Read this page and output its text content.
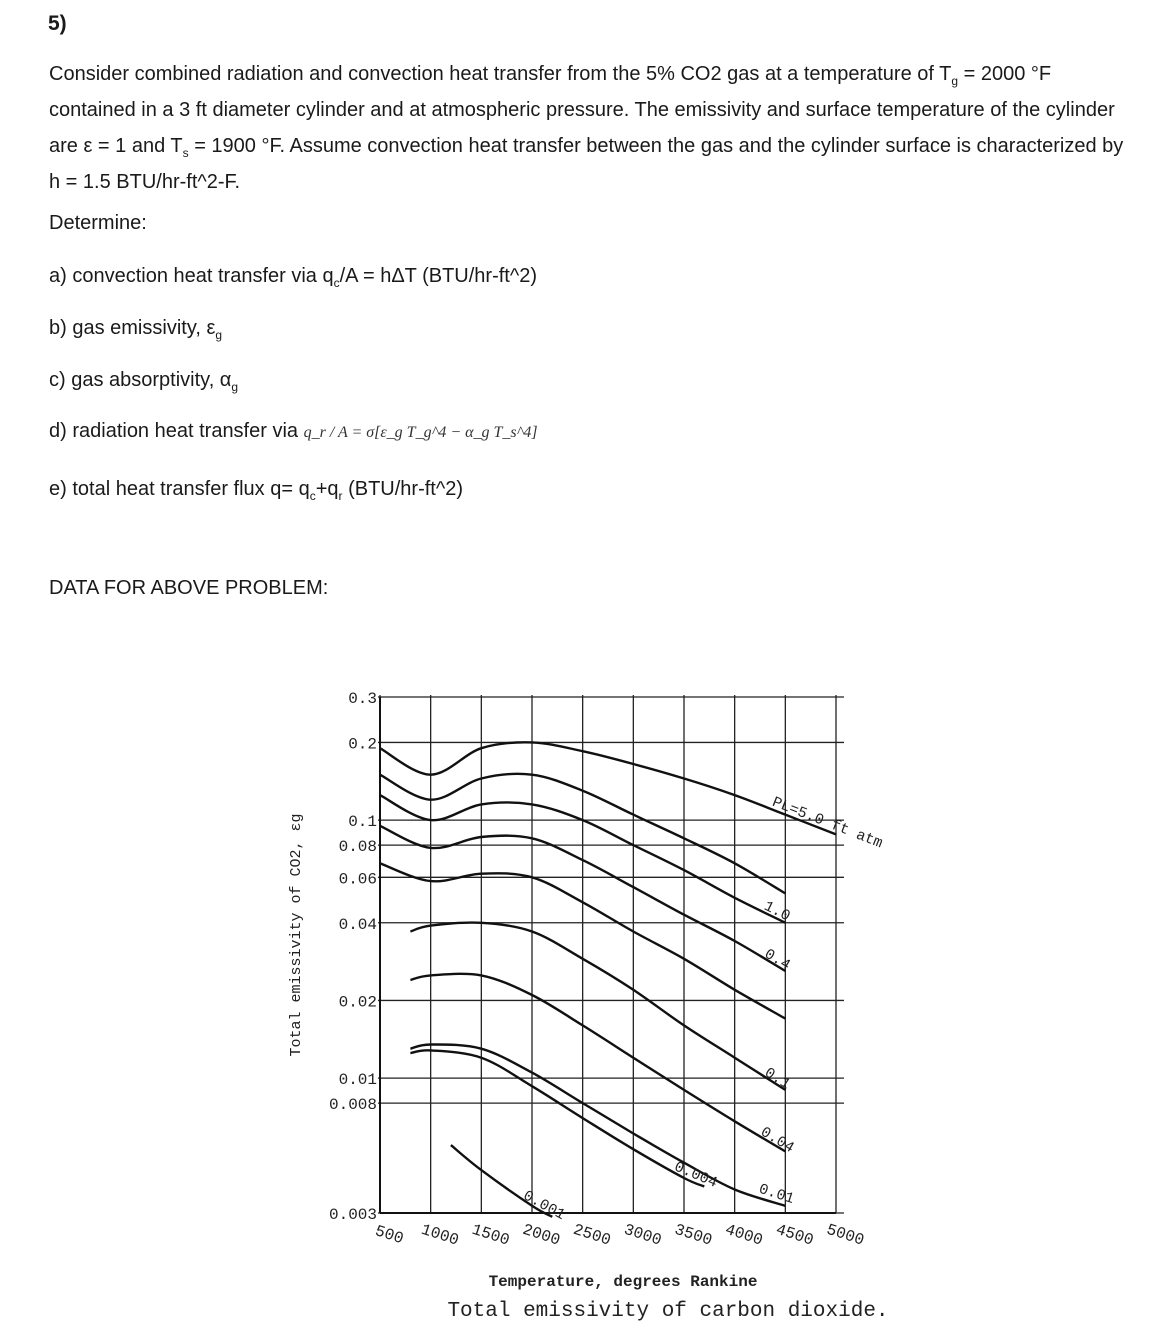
5)

Consider combined radiation and convection heat transfer from the 5% CO2 gas at a temperature of $T_g = 2000$ °F contained in a 3 ft diameter cylinder and at atmospheric pressure. The emissivity and surface temperature of the cylinder are ε = 1 and $T_s = 1900$ °F. Assume convection heat transfer between the gas and the cylinder surface is characterized by h = 1.5 BTU/hr-ft^2-F.

Determine:
a) convection heat transfer via $q_c/A = h\Delta T$ (BTU/hr-ft^2)
b) gas emissivity, $\varepsilon_g$
c) gas absorptivity, $\alpha_g$
d) radiation heat transfer via q_r / A = σ[ε_g T_g^4 − α_g T_s^4]
e) total heat transfer flux $q= q_c+q_r$ (BTU/hr-ft^2)
DATA FOR ABOVE PROBLEM:
500 1000 1500 2000 2500 3000 3500 4000 4500 5000
0.3
0.2
0.1
0.08
0.06
0.04
0.02
0.01
0.008
0.003
PL=5.0 ft atm
1.0
0.4
0.1
0.04
0.01
0.004
0.001
Total emissivity of CO2, εg
Temperature, degrees Rankine
Total emissivity of carbon dioxide.
